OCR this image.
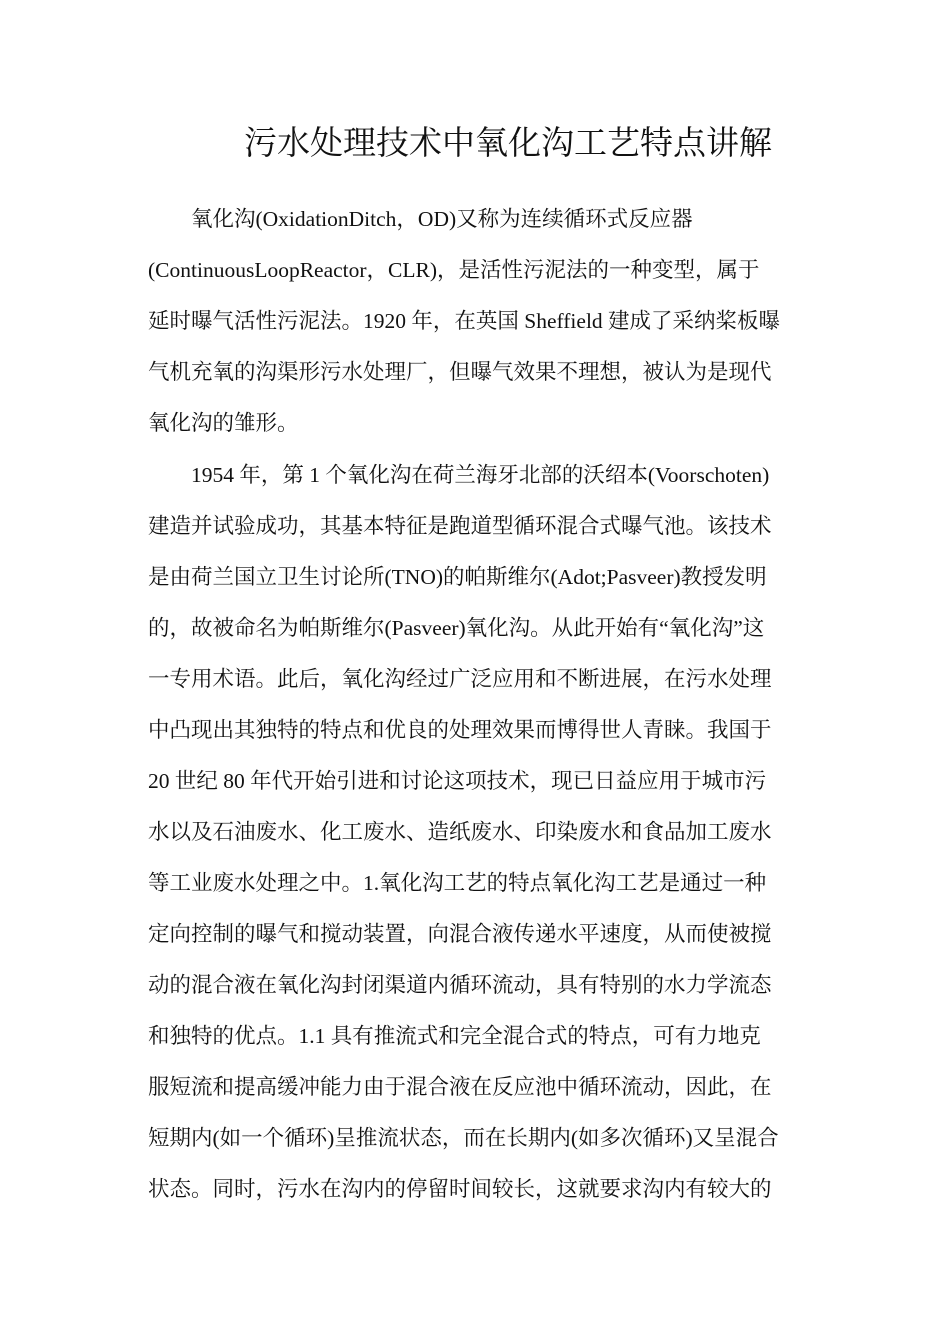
污水处理技术中氧化沟工艺特点讲解
氧化沟(OxidationDitch，OD)又称为连续循环式反应器
(ContinuousLoopReactor，CLR)，是活性污泥法的一种变型，属于
延时曝气活性污泥法。1920 年，在英国 Sheffield 建成了采纳桨板曝
气机充氧的沟渠形污水处理厂，但曝气效果不理想，被认为是现代
氧化沟的雏形。
1954 年，第 1 个氧化沟在荷兰海牙北部的沃绍本(Voorschoten)
建造并试验成功，其基本特征是跑道型循环混合式曝气池。该技术
是由荷兰国立卫生讨论所(TNO)的帕斯维尔(Adot;Pasveer)教授发明
的，故被命名为帕斯维尔(Pasveer)氧化沟。从此开始有“氧化沟”这
一专用术语。此后，氧化沟经过广泛应用和不断进展，在污水处理
中凸现出其独特的特点和优良的处理效果而博得世人青睐。我国于
20 世纪 80 年代开始引进和讨论这项技术，现已日益应用于城市污
水以及石油废水、化工废水、造纸废水、印染废水和食品加工废水
等工业废水处理之中。1.氧化沟工艺的特点氧化沟工艺是通过一种
定向控制的曝气和搅动装置，向混合液传递水平速度，从而使被搅
动的混合液在氧化沟封闭渠道内循环流动，具有特别的水力学流态
和独特的优点。1.1 具有推流式和完全混合式的特点，可有力地克
服短流和提高缓冲能力由于混合液在反应池中循环流动，因此，在
短期内(如一个循环)呈推流状态，而在长期内(如多次循环)又呈混合
状态。同时，污水在沟内的停留时间较长，这就要求沟内有较大的
